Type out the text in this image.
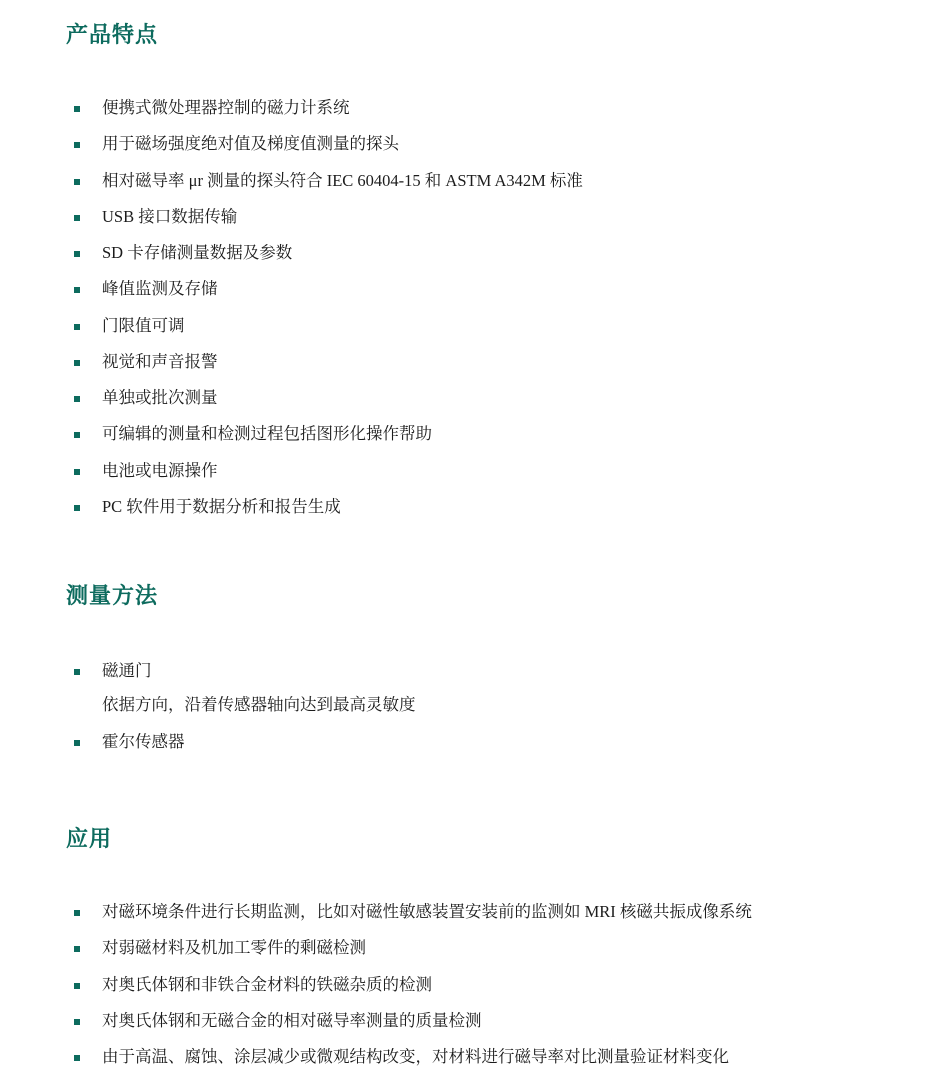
产品特点
便携式微处理器控制的磁力计系统
用于磁场强度绝对值及梯度值测量的探头
相对磁导率 μr 测量的探头符合 IEC 60404-15 和 ASTM A342M 标准
USB 接口数据传输
SD 卡存储测量数据及参数
峰值监测及存储
门限值可调
视觉和声音报警
单独或批次测量
可编辑的测量和检测过程包括图形化操作帮助
电池或电源操作
PC 软件用于数据分析和报告生成
测量方法
磁通门
依据方向，沿着传感器轴向达到最高灵敏度
霍尔传感器
应用
对磁环境条件进行长期监测，比如对磁性敏感装置安装前的监测如 MRI 核磁共振成像系统
对弱磁材料及机加工零件的剩磁检测
对奥氏体钢和非铁合金材料的铁磁杂质的检测
对奥氏体钢和无磁合金的相对磁导率测量的质量检测
由于高温、腐蚀、涂层减少或微观结构改变，对材料进行磁导率对比测量验证材料变化
